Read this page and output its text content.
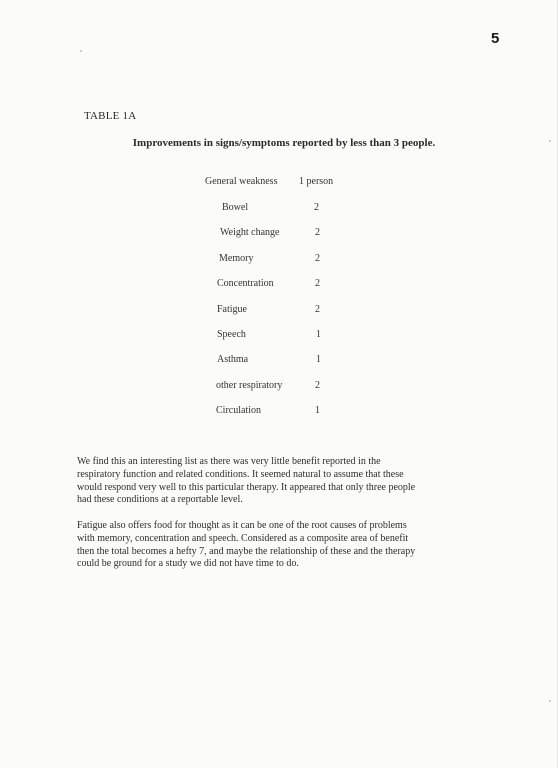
5
TABLE 1A
Improvements in signs/symptoms reported by less than 3 people.
General weakness 1 person
Bowel	2
Weight change	2
Memory	2
Concentration	2
Fatigue	2
Speech	1
Asthma	1
other respiratory	2
Circulation	1

We find this an interesting list as there was very little benefit reported in the

respiratory function and related conditions. It seemed natural to assume that these

would respond very well to this particular therapy. It appeared that only three people

had these conditions at a reportable level.

Fatigue also offers food for thought as it can be one of the root causes of problems

with memory, concentration and speech. Considered as a composite area of benefit

then the total becomes a hefty 7, and maybe the relationship of these and the therapy

could be ground for a study we did not have time to do.
